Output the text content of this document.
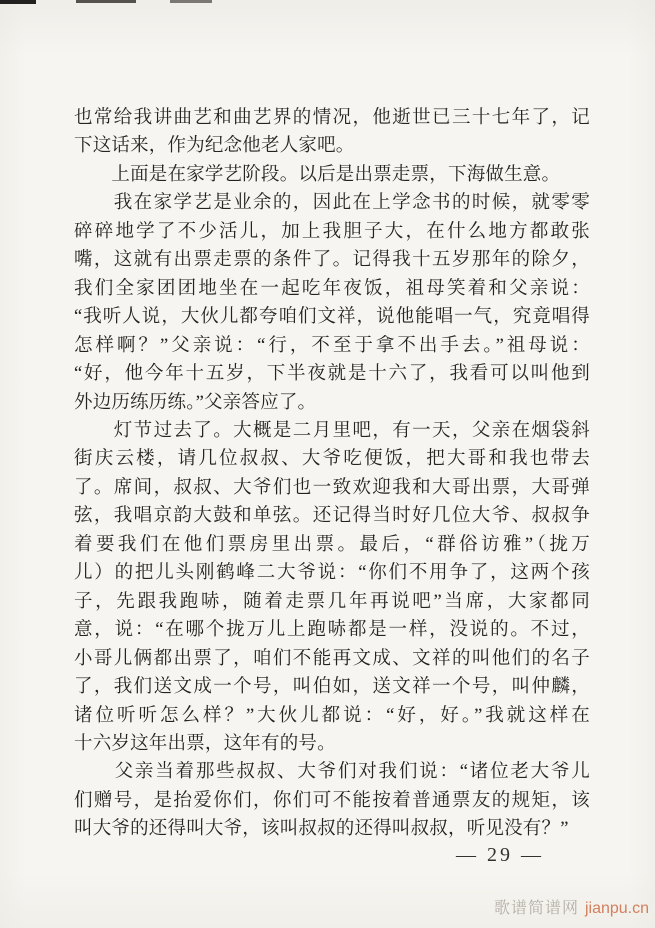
也常给我讲曲艺和曲艺界的情况，他逝世已三十七年了，记
下这话来，作为纪念他老人家吧。
　　上面是在家学艺阶段。以后是出票走票，下海做生意。
　　我在家学艺是业余的，因此在上学念书的时候，就零零
碎碎地学了不少活儿，加上我胆子大，在什么地方都敢张
嘴，这就有出票走票的条件了。记得我十五岁那年的除夕，
我们全家团团地坐在一起吃年夜饭，祖母笑着和父亲说：
“我听人说，大伙儿都夸咱们文祥，说他能唱一气，究竟唱得
怎样啊？”父亲说：“行，不至于拿不出手去。”祖母说：
“好，他今年十五岁，下半夜就是十六了，我看可以叫他到
外边历练历练。”父亲答应了。
　　灯节过去了。大概是二月里吧，有一天，父亲在烟袋斜
街庆云楼，请几位叔叔、大爷吃便饭，把大哥和我也带去
了。席间，叔叔、大爷们也一致欢迎我和大哥出票，大哥弹
弦，我唱京韵大鼓和单弦。还记得当时好几位大爷、叔叔争
着要我们在他们票房里出票。最后，“群俗访雅”（拢万
儿）的把儿头刚鹤峰二大爷说：“你们不用争了，这两个孩
子，先跟我跑哧，随着走票几年再说吧”当席，大家都同
意，说：“在哪个拢万儿上跑哧都是一样，没说的。不过，
小哥儿俩都出票了，咱们不能再文成、文祥的叫他们的名子
了，我们送文成一个号，叫伯如，送文祥一个号，叫仲麟，
诸位听听怎么样？”大伙儿都说：“好，好。”我就这样在
十六岁这年出票，这年有的号。
　　父亲当着那些叔叔、大爷们对我们说：“诸位老大爷儿
们赠号，是抬爱你们，你们可不能按着普通票友的规矩，该
叫大爷的还得叫大爷，该叫叔叔的还得叫叔叔，听见没有？”
— 29 —
歌谱简谱网 jianpu.cn
